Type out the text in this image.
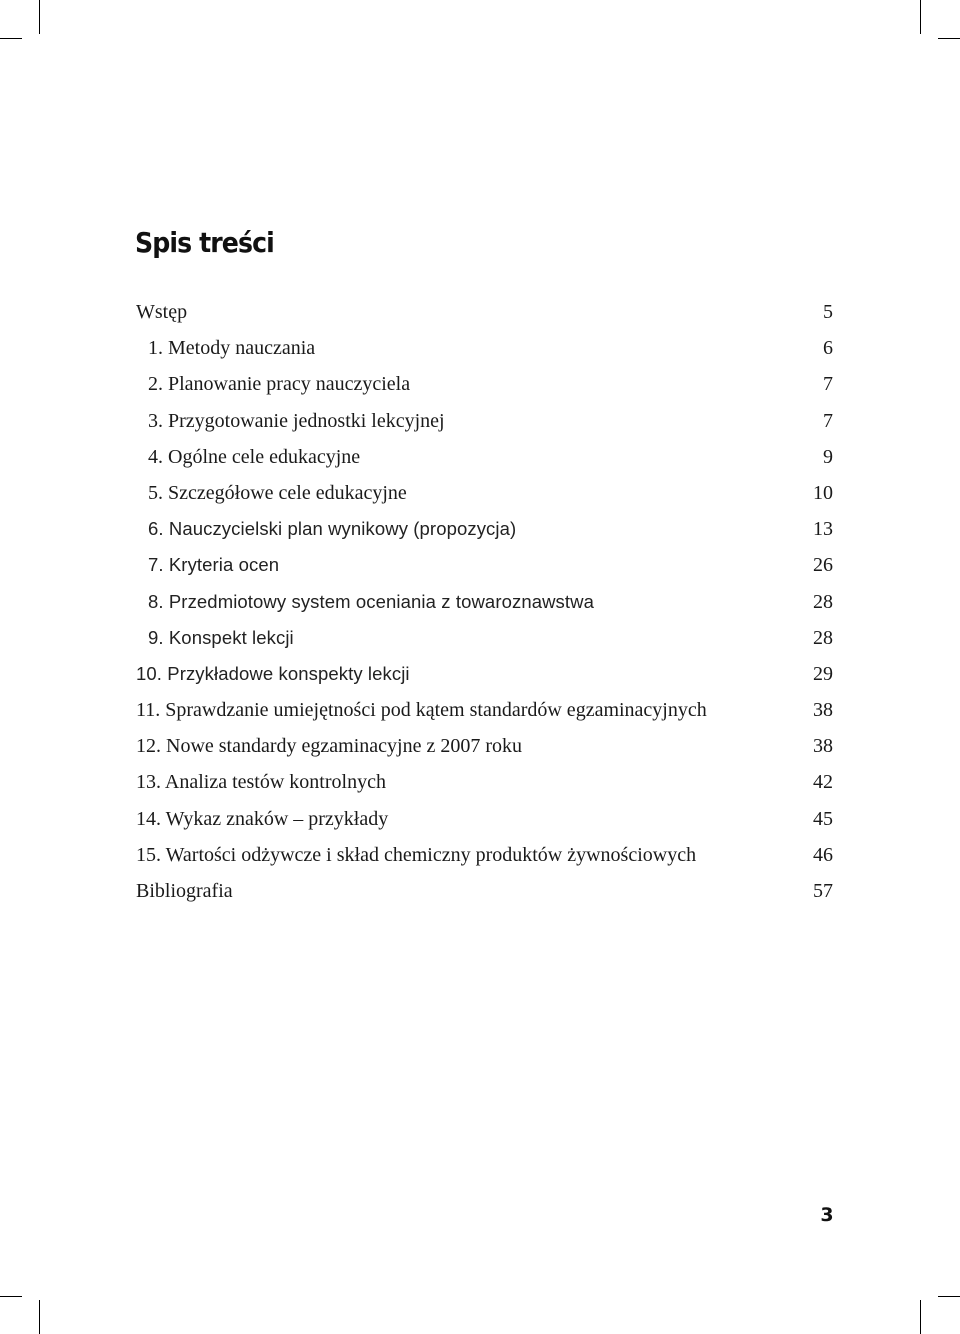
Spis treści
Wstęp	5
1. Metody nauczania	6
2. Planowanie pracy nauczyciela	7
3. Przygotowanie jednostki lekcyjnej	7
4. Ogólne cele edukacyjne	9
5. Szczegółowe cele edukacyjne	10
6. Nauczycielski plan wynikowy (propozycja)	13
7. Kryteria ocen	26
8. Przedmiotowy system oceniania z towaroznawstwa	28
9. Konspekt lekcji	28
10. Przykładowe konspekty lekcji	29
11. Sprawdzanie umiejętności pod kątem standardów egzaminacyjnych	38
12. Nowe standardy egzaminacyjne z 2007 roku	38
13. Analiza testów kontrolnych	42
14. Wykaz znaków – przykłady	45
15. Wartości odżywcze i skład chemiczny produktów żywnościowych	46
Bibliografia	57
3
